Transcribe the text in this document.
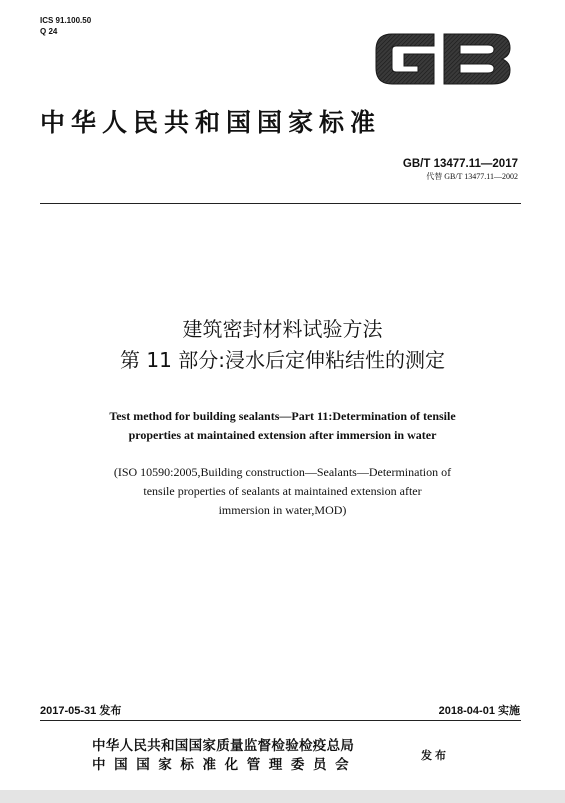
ICS 91.100.50
Q 24
中华人民共和国国家标准
GB/T 13477.11—2017
代替 GB/T 13477.11—2002
建筑密封材料试验方法
第 11 部分:浸水后定伸粘结性的测定
Test method for building sealants—Part 11:Determination of tensile
properties at maintained extension after immersion in water
(ISO 10590:2005,Building construction—Sealants—Determination of
tensile properties of sealants at maintained extension after
immersion in water,MOD)
2017-05-31 发布	2018-04-01 实施
中华人民共和国国家质量监督检验检疫总局
中国国家标准化管理委员会
发布
